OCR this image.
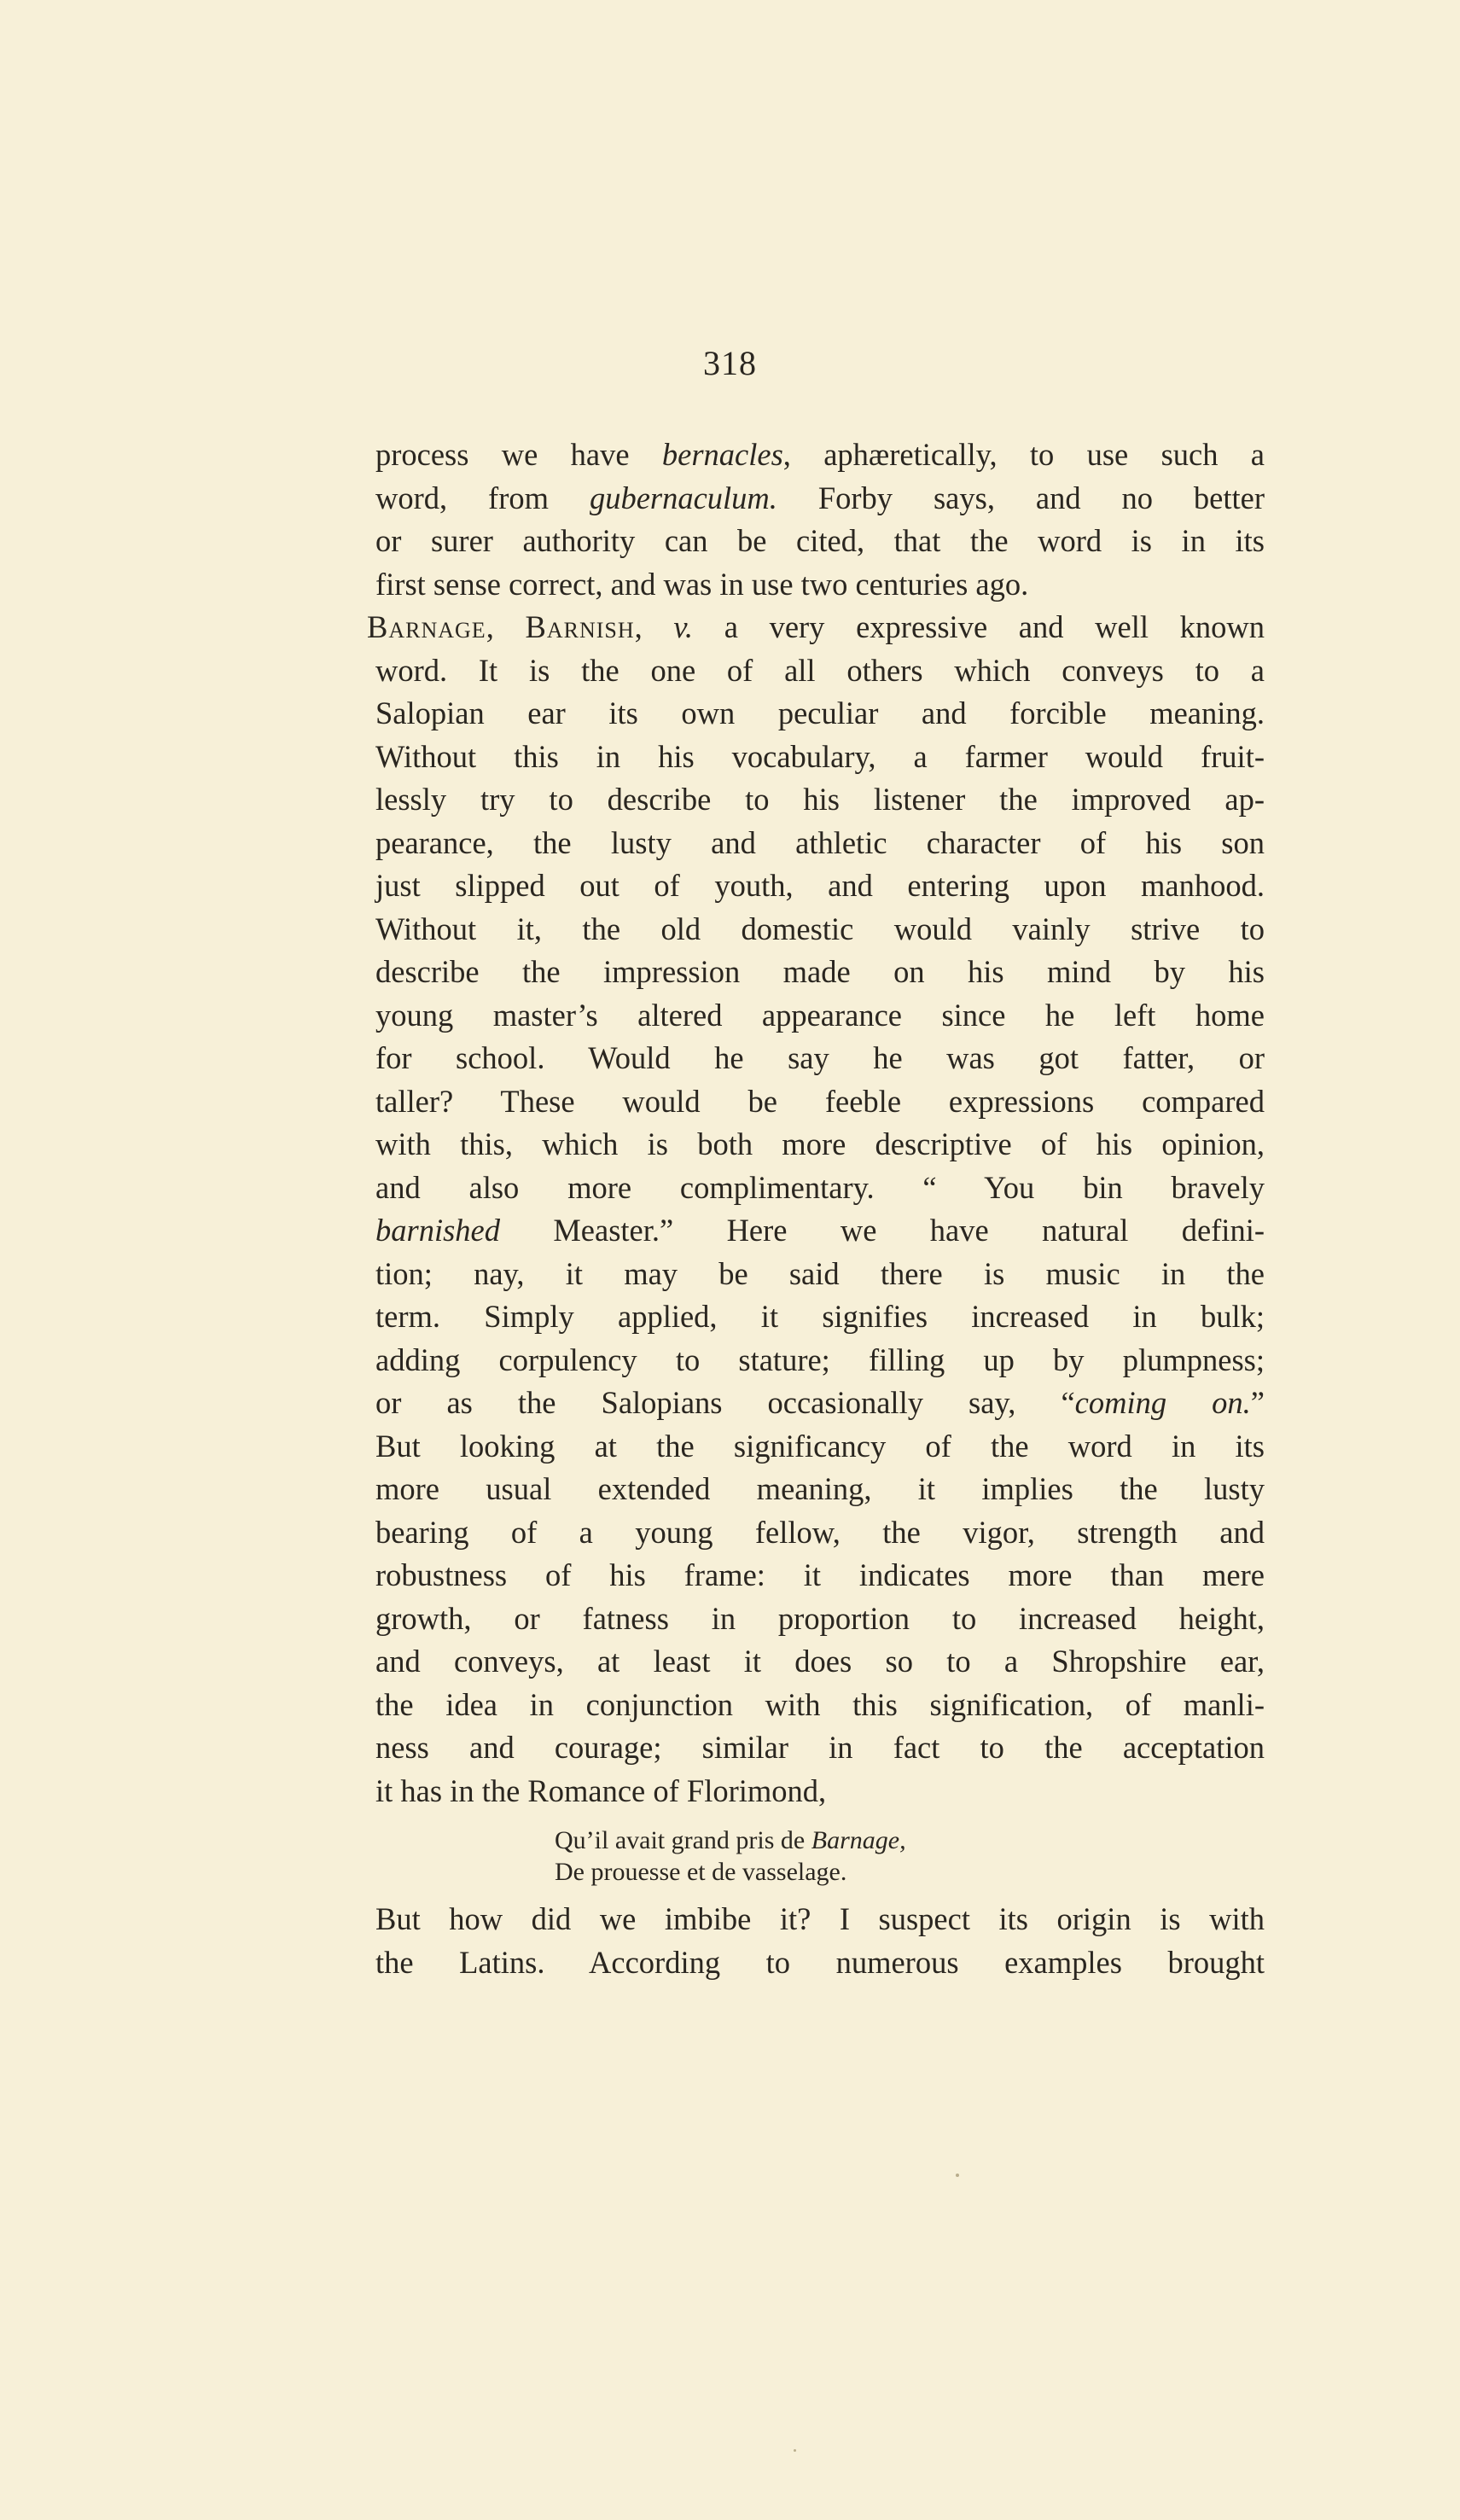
318
process we have bernacles, aphæretically, to use such a
word, from gubernaculum. Forby says, and no better
or surer authority can be cited, that the word is in its
first sense correct, and was in use two centuries ago.
Barnage, Barnish, v. a very expressive and well known
word. It is the one of all others which conveys to a
Salopian ear its own peculiar and forcible meaning.
Without this in his vocabulary, a farmer would fruit-
lessly try to describe to his listener the improved ap-
pearance, the lusty and athletic character of his son
just slipped out of youth, and entering upon manhood.
Without it, the old domestic would vainly strive to
describe the impression made on his mind by his
young master’s altered appearance since he left home
for school. Would he say he was got fatter, or
taller? These would be feeble expressions compared
with this, which is both more descriptive of his opinion,
and also more complimentary. “ You bin bravely
barnished Measter.” Here we have natural defini-
tion; nay, it may be said there is music in the
term. Simply applied, it signifies increased in bulk;
adding corpulency to stature; filling up by plumpness;
or as the Salopians occasionally say, “coming on.”
But looking at the significancy of the word in its
more usual extended meaning, it implies the lusty
bearing of a young fellow, the vigor, strength and
robustness of his frame: it indicates more than mere
growth, or fatness in proportion to increased height,
and conveys, at least it does so to a Shropshire ear,
the idea in conjunction with this signification, of manli-
ness and courage; similar in fact to the acceptation
it has in the Romance of Florimond,
Qu’il avait grand pris de Barnage,
De prouesse et de vasselage.
But how did we imbibe it? I suspect its origin is with
the Latins. According to numerous examples brought
